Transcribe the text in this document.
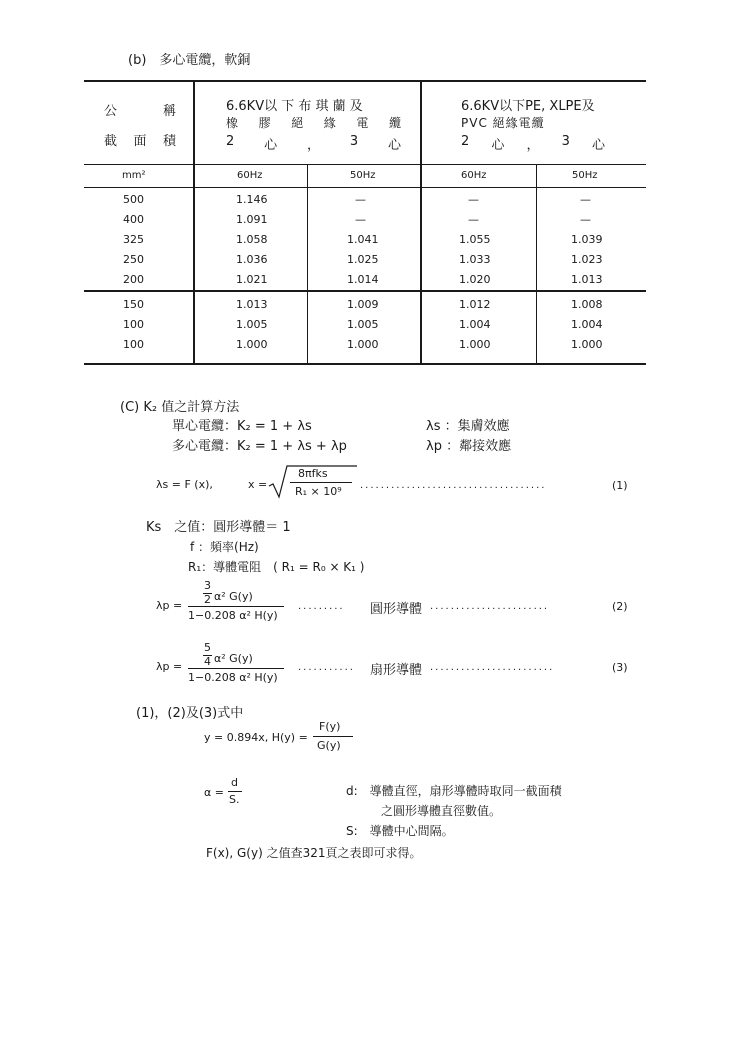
(b)　多心電纜，軟銅
公	稱
截 面 積
6.6KV以 下 布 琪 蘭 及
橡 膠 絕 緣 電 纜
2 心 ， 3 心
6.6KV以下PE, XLPE及
PVC 絕緣電纜
2 心 ， 3 心
mm²	60Hz	50Hz	60Hz	50Hz
500	1.146	—	—	—
400	1.091	—	—	—
325	1.058	1.041	1.055	1.039
250	1.036	1.025	1.033	1.023
200	1.021	1.014	1.020	1.013
150	1.013	1.009	1.012	1.008
100	1.005	1.005	1.004	1.004
100	1.000	1.000	1.000	1.000
(C) K₂ 值之計算方法
單心電纜：K₂ = 1 + λs	λs ：集膚效應
多心電纜：K₂ = 1 + λs + λp	λp ：鄰接效應
λs = F (x),	x =
8πfks
R₁ × 10⁹ ....................................	(1)
Ks　之值：圓形導體＝ 1
f ：頻率(Hz)
R₁：導體電阻　( R₁ = R₀ × K₁ )
λp =
3
2 α² G(y)
1−0.208 α² H(y)
......... 圓形導體 .......................	(2)
λp =
5
4 α² G(y)
1−0.208 α² H(y)
........... 扇形導體 ........................	(3)
(1)，(2)及(3)式中
y = 0.894x, H(y) =
F(y)
G(y)
α =
d
S.
d:　導體直徑，扇形導體時取同一截面積
之圓形導體直徑數值。
S:　導體中心間隔。
F(x), G(y) 之值查321頁之表即可求得。
